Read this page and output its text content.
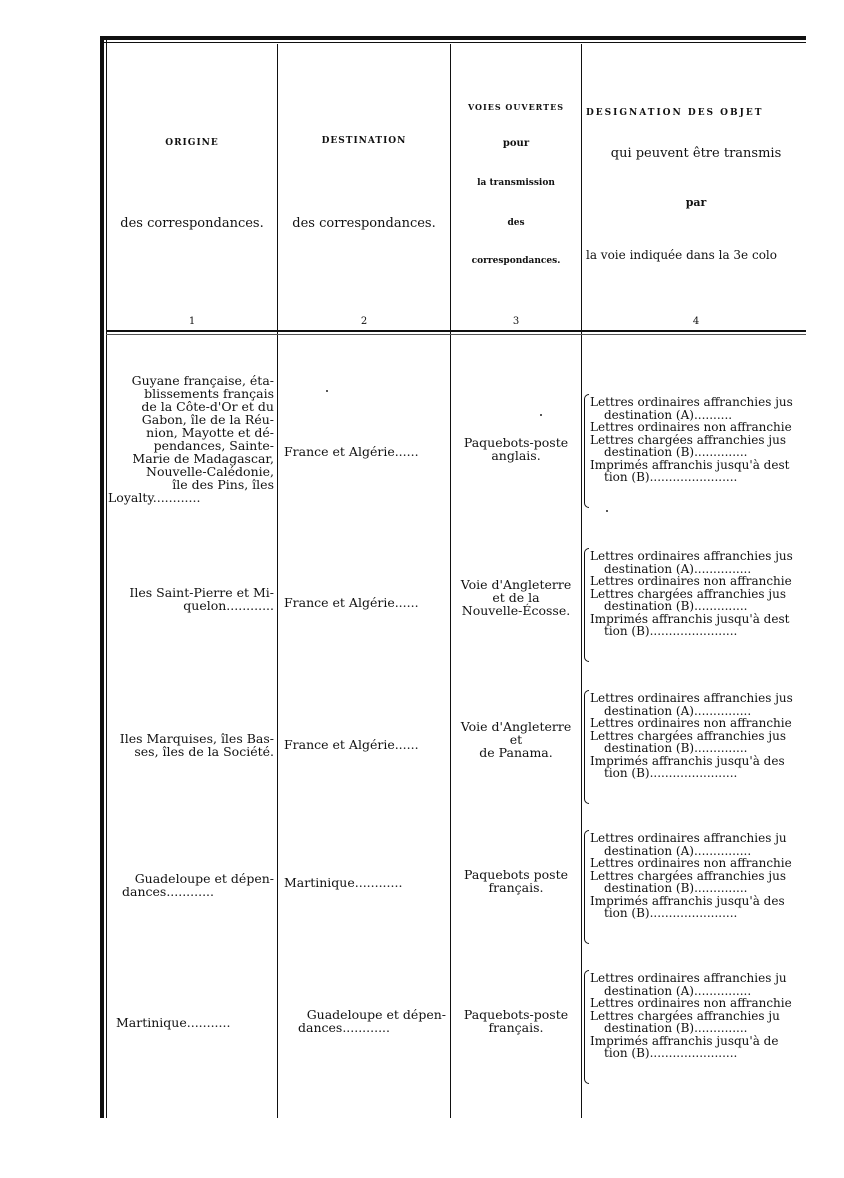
ORIGINE
des correspondances.
1
DESTINATION
des correspondances.
2
VOIES OUVERTES
pour
la transmission
des
correspondances.
3
DÉSIGNATION DES OBJET
qui peuvent être transmis
par
la voie indiquée dans la 3e colo
4
Guyane française, éta-
blissements français
de la Côte-d'Or et du
Gabon, île de la Réu-
nion, Mayotte et dé-
pendances, Sainte-
Marie de Madagascar,
Nouvelle-Calédonie,
île des Pins, îles
Loyalty............
France et Algérie......
Paquebots-poste
anglais.
Lettres ordinaires affranchies jus
destination (A)..........
Lettres ordinaires non affranchie
Lettres chargées affranchies jus
destination (B)..............
Imprimés affranchis jusqu'à dest
tion (B).......................
Iles Saint-Pierre et Mi-
quelon............ France et Algérie......
Voie d'Angleterre
et de la
Nouvelle-Écosse.
Lettres ordinaires affranchies jus
destination (A)...............
Lettres ordinaires non affranchie
Lettres chargées affranchies jus
destination (B)..............
Imprimés affranchis jusqu'à dest
tion (B).......................
Iles Marquises, îles Bas-
ses, îles de la Société. France et Algérie......
Voie d'Angleterre
et
de Panama.
Lettres ordinaires affranchies jus
destination (A)...............
Lettres ordinaires non affranchie
Lettres chargées affranchies jus
destination (B)..............
Imprimés affranchis jusqu'à des
tion (B).......................
Guadeloupe et dépen-
dances............
Martinique............
Paquebots poste
français.
Lettres ordinaires affranchies ju
destination (A)...............
Lettres ordinaires non affranchie
Lettres chargées affranchies jus
destination (B)..............
Imprimés affranchis jusqu'à des
tion (B).......................
Martinique...........
Guadeloupe et dépen-
dances............
Paquebots-poste
français.
Lettres ordinaires affranchies ju
destination (A)...............
Lettres ordinaires non affranchie
Lettres chargées affranchies ju
destination (B)..............
Imprimés affranchis jusqu'à de
tion (B).......................
